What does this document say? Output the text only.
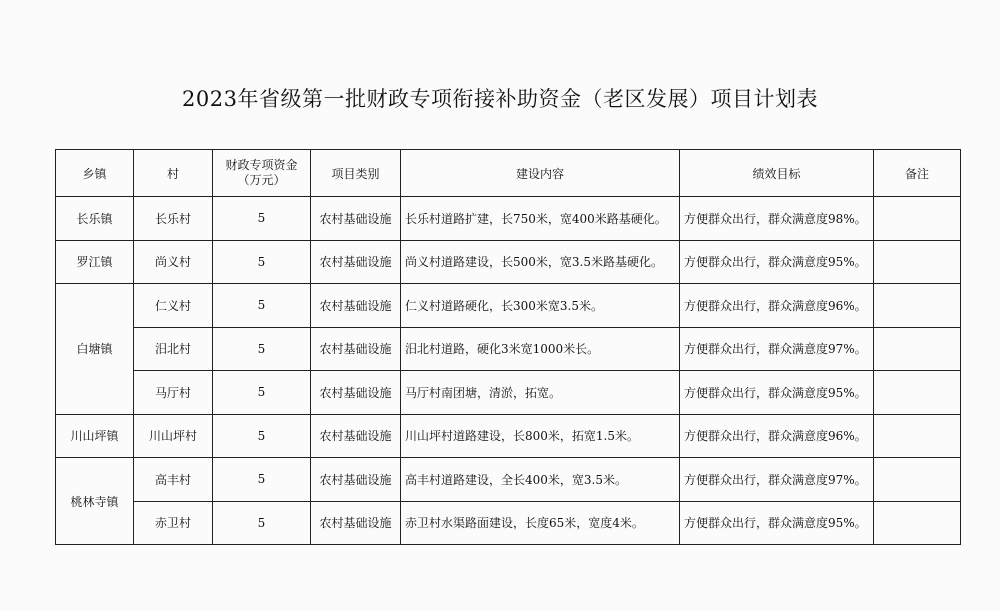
2023年省级第一批财政专项衔接补助资金（老区发展）项目计划表
乡镇	村	财政专项资金（万元）	项目类别	建设内容	绩效目标	备注
长乐镇	长乐村	5	农村基础设施	长乐村道路扩建，长750米，宽400米路基硬化。	方便群众出行，群众满意度98%。	
罗江镇	尚义村	5	农村基础设施	尚义村道路建设，长500米，宽3.5米路基硬化。	方便群众出行，群众满意度95%。	
白塘镇	仁义村	5	农村基础设施	仁义村道路硬化，长300米宽3.5米。	方便群众出行，群众满意度96%。	
	汨北村	5	农村基础设施	汨北村道路，硬化3米宽1000米长。	方便群众出行，群众满意度97%。	
	马厅村	5	农村基础设施	马厅村南团塘，清淤，拓宽。	方便群众出行，群众满意度95%。	
川山坪镇	川山坪村	5	农村基础设施	川山坪村道路建设，长800米，拓宽1.5米。	方便群众出行，群众满意度96%。	
桃林寺镇	高丰村	5	农村基础设施	高丰村道路建设，全长400米，宽3.5米。	方便群众出行，群众满意度97%。	
	赤卫村	5	农村基础设施	赤卫村水渠路面建设，长度65米，宽度4米。	方便群众出行，群众满意度95%。	
